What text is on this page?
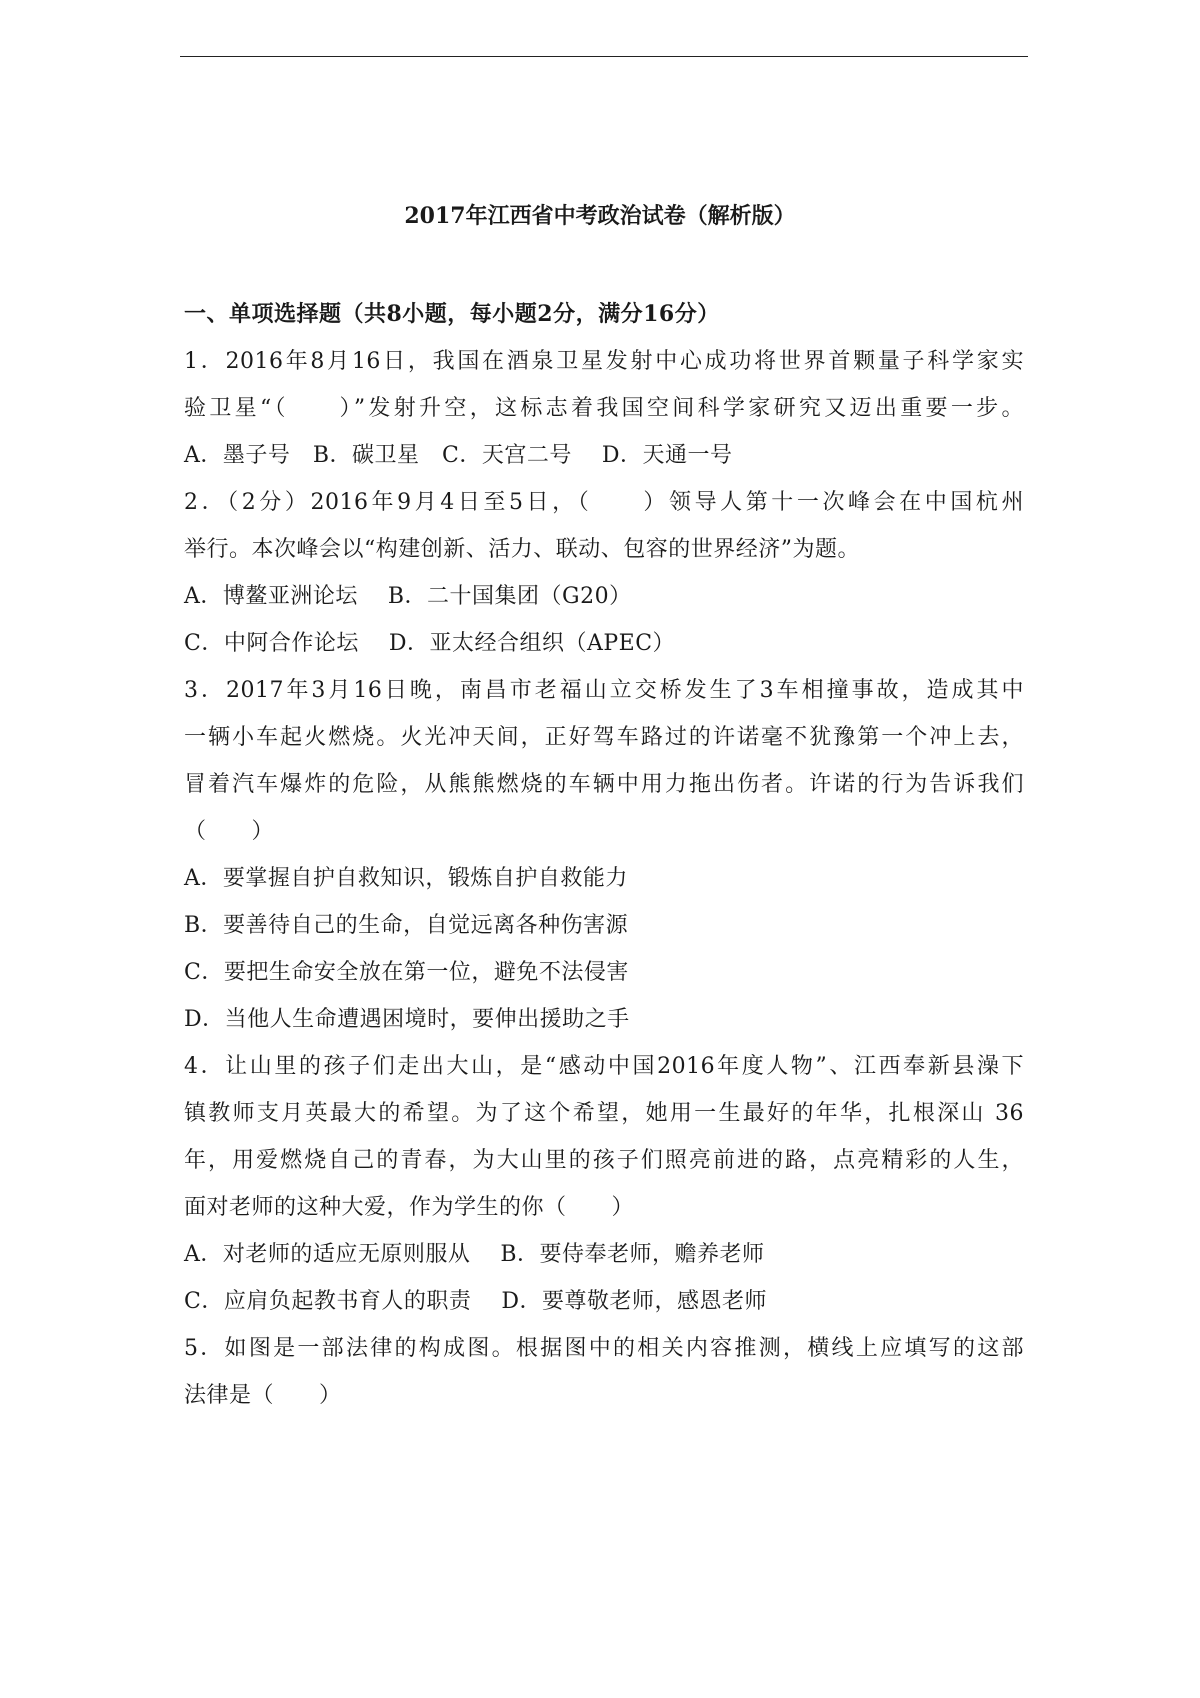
2017年江西省中考政治试卷（解析版）
一、单项选择题（共8小题，每小题2分，满分16分）
1．2016年8月16日，我国在酒泉卫星发射中心成功将世界首颗量子科学家实
验卫星“（　　）”发射升空，这标志着我国空间科学家研究又迈出重要一步。
A．墨子号　B．碳卫星　C．天宫二号　 D．天通一号
2．（2分）2016年9月4日至5日，（　　）领导人第十一次峰会在中国杭州
举行。本次峰会以“构建创新、活力、联动、包容的世界经济”为题。
A．博鳌亚洲论坛　 B．二十国集团（G20）
C．中阿合作论坛　 D．亚太经合组织（APEC）
3．2017年3月16日晚，南昌市老福山立交桥发生了3车相撞事故，造成其中
一辆小车起火燃烧。火光冲天间，正好驾车路过的许诺毫不犹豫第一个冲上去，
冒着汽车爆炸的危险，从熊熊燃烧的车辆中用力拖出伤者。许诺的行为告诉我们
（　　）
A．要掌握自护自救知识，锻炼自护自救能力
B．要善待自己的生命，自觉远离各种伤害源
C．要把生命安全放在第一位，避免不法侵害
D．当他人生命遭遇困境时，要伸出援助之手
4．让山里的孩子们走出大山，是“感动中国2016年度人物”、江西奉新县澡下
镇教师支月英最大的希望。为了这个希望，她用一生最好的年华，扎根深山 36
年，用爱燃烧自己的青春，为大山里的孩子们照亮前进的路，点亮精彩的人生，
面对老师的这种大爱，作为学生的你（　　）
A．对老师的适应无原则服从　 B．要侍奉老师，赡养老师
C．应肩负起教书育人的职责　 D．要尊敬老师，感恩老师
5．如图是一部法律的构成图。根据图中的相关内容推测，横线上应填写的这部
法律是（　　）
